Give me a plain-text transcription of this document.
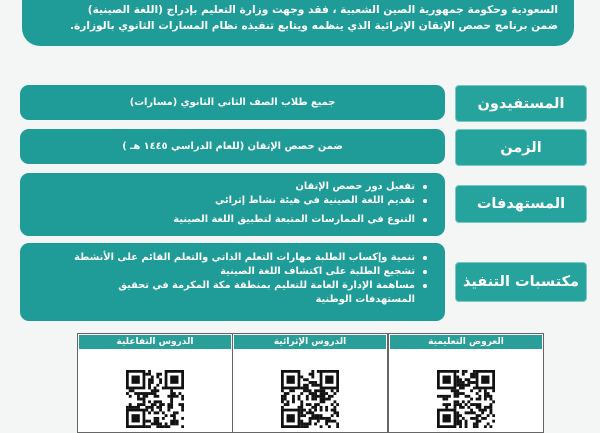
السعودية وحكومة جمهورية الصين الشعبية ، فقد وجهت وزارة التعليم بإدراج (اللغة الصينية)
ضمن برنامج حصص الإتقان الإثرائية الذي ينظمه ويتابع تنفيذه نظام المسارات الثانوي بالوزارة.
المستفيدون
جميع طلاب الصف الثاني الثانوي (مسارات)
الزمن
ضمن حصص الإتقان (للعام الدراسي ١٤٤٥ هـ )
المستهدفات
تفعيل دور حصص الإتقان
تقديم اللغة الصينية في هيئة نشاط إثرائي
التنوع في الممارسات المتبعة لتطبيق اللغة الصينية
مكتسبات التنفيذ
تنمية وإكساب الطلبة مهارات التعلم الذاتي والتعلم القائم على الأنشطة
تشجيع الطلبة على اكتشاف اللغة الصينية
مساهمة الإدارة العامة للتعليم بمنطقة مكة المكرمة في تحقيق
المستهدفات الوطنية
الدروس التفاعلية	الدروس الإثرائية	العروض التعليمية
